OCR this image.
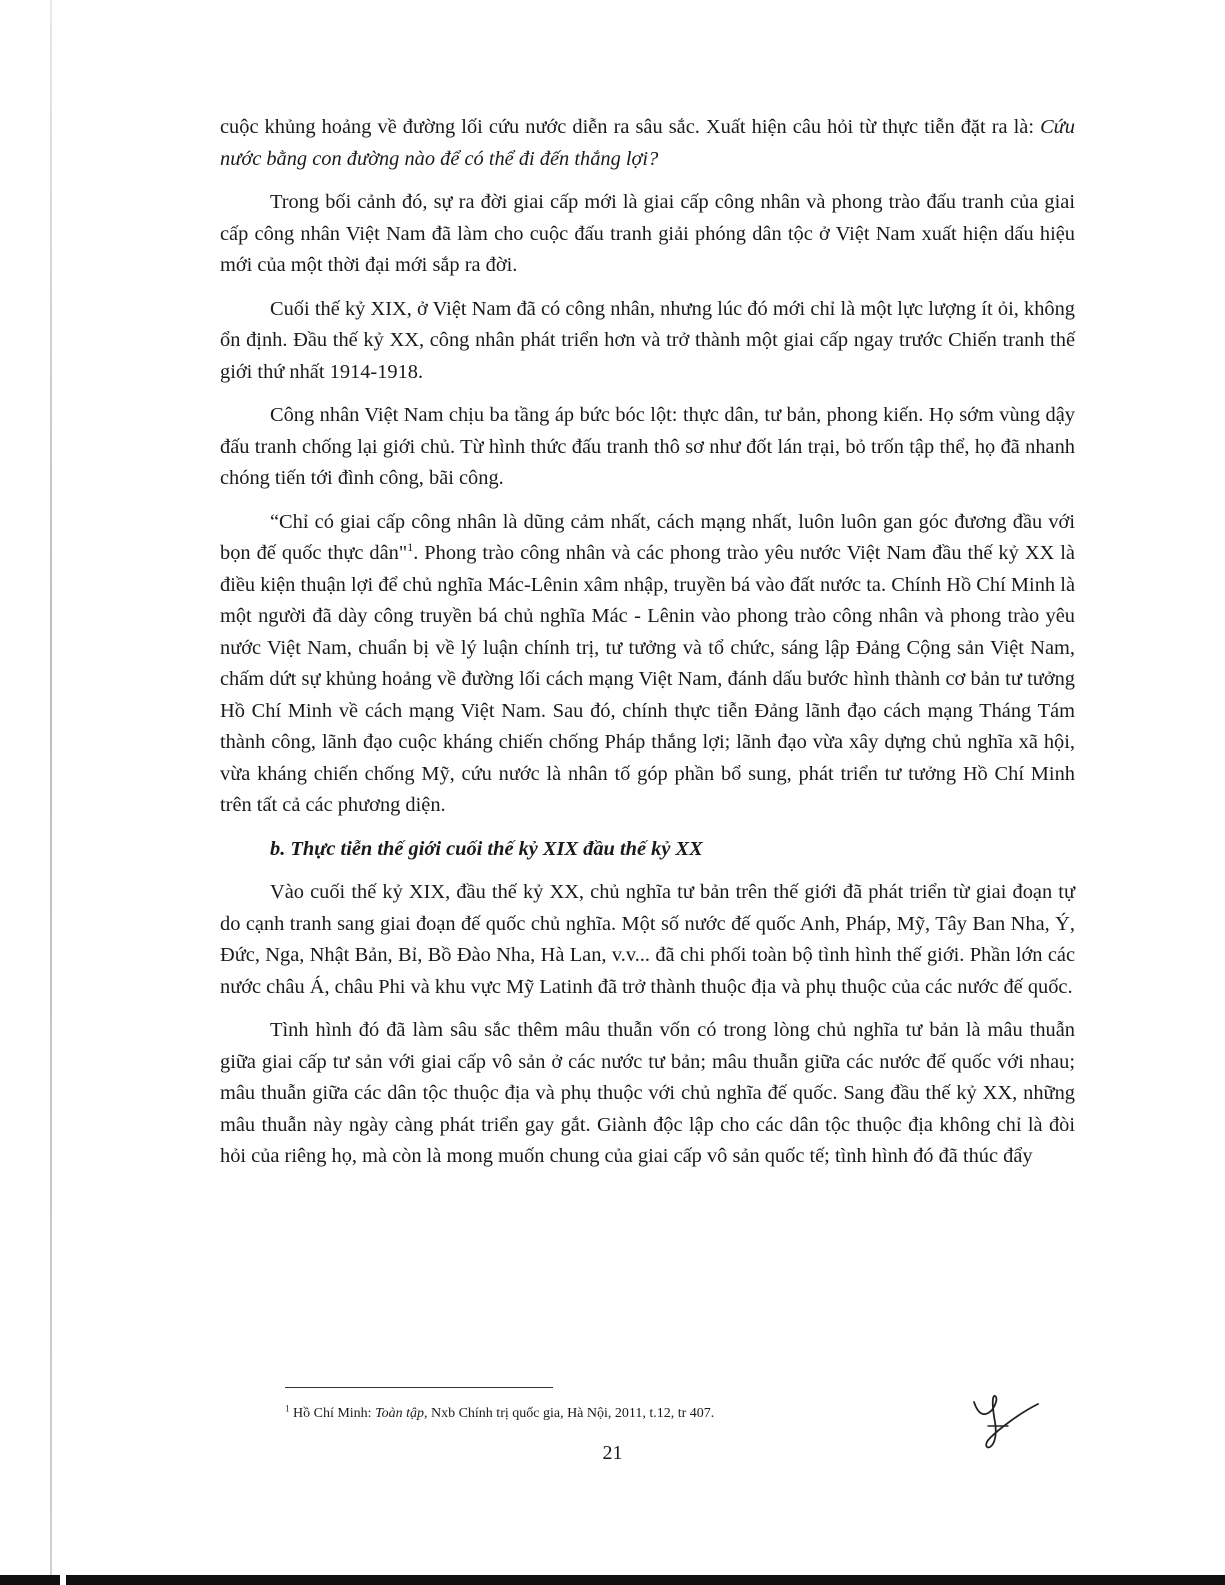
cuộc khủng hoảng về đường lối cứu nước diễn ra sâu sắc. Xuất hiện câu hỏi từ thực tiễn đặt ra là: Cứu nước bằng con đường nào để có thể đi đến thắng lợi?

Trong bối cảnh đó, sự ra đời giai cấp mới là giai cấp công nhân và phong trào đấu tranh của giai cấp công nhân Việt Nam đã làm cho cuộc đấu tranh giải phóng dân tộc ở Việt Nam xuất hiện dấu hiệu mới của một thời đại mới sắp ra đời.

Cuối thế kỷ XIX, ở Việt Nam đã có công nhân, nhưng lúc đó mới chỉ là một lực lượng ít ỏi, không ổn định. Đầu thế kỷ XX, công nhân phát triển hơn và trở thành một giai cấp ngay trước Chiến tranh thế giới thứ nhất 1914-1918.

Công nhân Việt Nam chịu ba tầng áp bức bóc lột: thực dân, tư bản, phong kiến. Họ sớm vùng dậy đấu tranh chống lại giới chủ. Từ hình thức đấu tranh thô sơ như đốt lán trại, bỏ trốn tập thể, họ đã nhanh chóng tiến tới đình công, bãi công.

“Chỉ có giai cấp công nhân là dũng cảm nhất, cách mạng nhất, luôn luôn gan góc đương đầu với bọn đế quốc thực dân"$^1$. Phong trào công nhân và các phong trào yêu nước Việt Nam đầu thế kỷ XX là điều kiện thuận lợi để chủ nghĩa Mác-Lênin xâm nhập, truyền bá vào đất nước ta. Chính Hồ Chí Minh là một người đã dày công truyền bá chủ nghĩa Mác - Lênin vào phong trào công nhân và phong trào yêu nước Việt Nam, chuẩn bị về lý luận chính trị, tư tưởng và tổ chức, sáng lập Đảng Cộng sản Việt Nam, chấm dứt sự khủng hoảng về đường lối cách mạng Việt Nam, đánh dấu bước hình thành cơ bản tư tưởng Hồ Chí Minh về cách mạng Việt Nam. Sau đó, chính thực tiễn Đảng lãnh đạo cách mạng Tháng Tám thành công, lãnh đạo cuộc kháng chiến chống Pháp thắng lợi; lãnh đạo vừa xây dựng chủ nghĩa xã hội, vừa kháng chiến chống Mỹ, cứu nước là nhân tố góp phần bổ sung, phát triển tư tưởng Hồ Chí Minh trên tất cả các phương diện.

b. Thực tiễn thế giới cuối thế kỷ XIX đầu thế kỷ XX

Vào cuối thế kỷ XIX, đầu thế kỷ XX, chủ nghĩa tư bản trên thế giới đã phát triển từ giai đoạn tự do cạnh tranh sang giai đoạn đế quốc chủ nghĩa. Một số nước đế quốc Anh, Pháp, Mỹ, Tây Ban Nha, Ý, Đức, Nga, Nhật Bản, Bỉ, Bồ Đào Nha, Hà Lan, v.v... đã chi phối toàn bộ tình hình thế giới. Phần lớn các nước châu Á, châu Phi và khu vực Mỹ Latinh đã trở thành thuộc địa và phụ thuộc của các nước đế quốc.

Tình hình đó đã làm sâu sắc thêm mâu thuẫn vốn có trong lòng chủ nghĩa tư bản là mâu thuẫn giữa giai cấp tư sản với giai cấp vô sản ở các nước tư bản; mâu thuẫn giữa các nước đế quốc với nhau; mâu thuẫn giữa các dân tộc thuộc địa và phụ thuộc với chủ nghĩa đế quốc. Sang đầu thế kỷ XX, những mâu thuẫn này ngày càng phát triển gay gắt. Giành độc lập cho các dân tộc thuộc địa không chỉ là đòi hỏi của riêng họ, mà còn là mong muốn chung của giai cấp vô sản quốc tế; tình hình đó đã thúc đẩy

$^1$ Hồ Chí Minh: Toàn tập, Nxb Chính trị quốc gia, Hà Nội, 2011, t.12, tr 407.
21
